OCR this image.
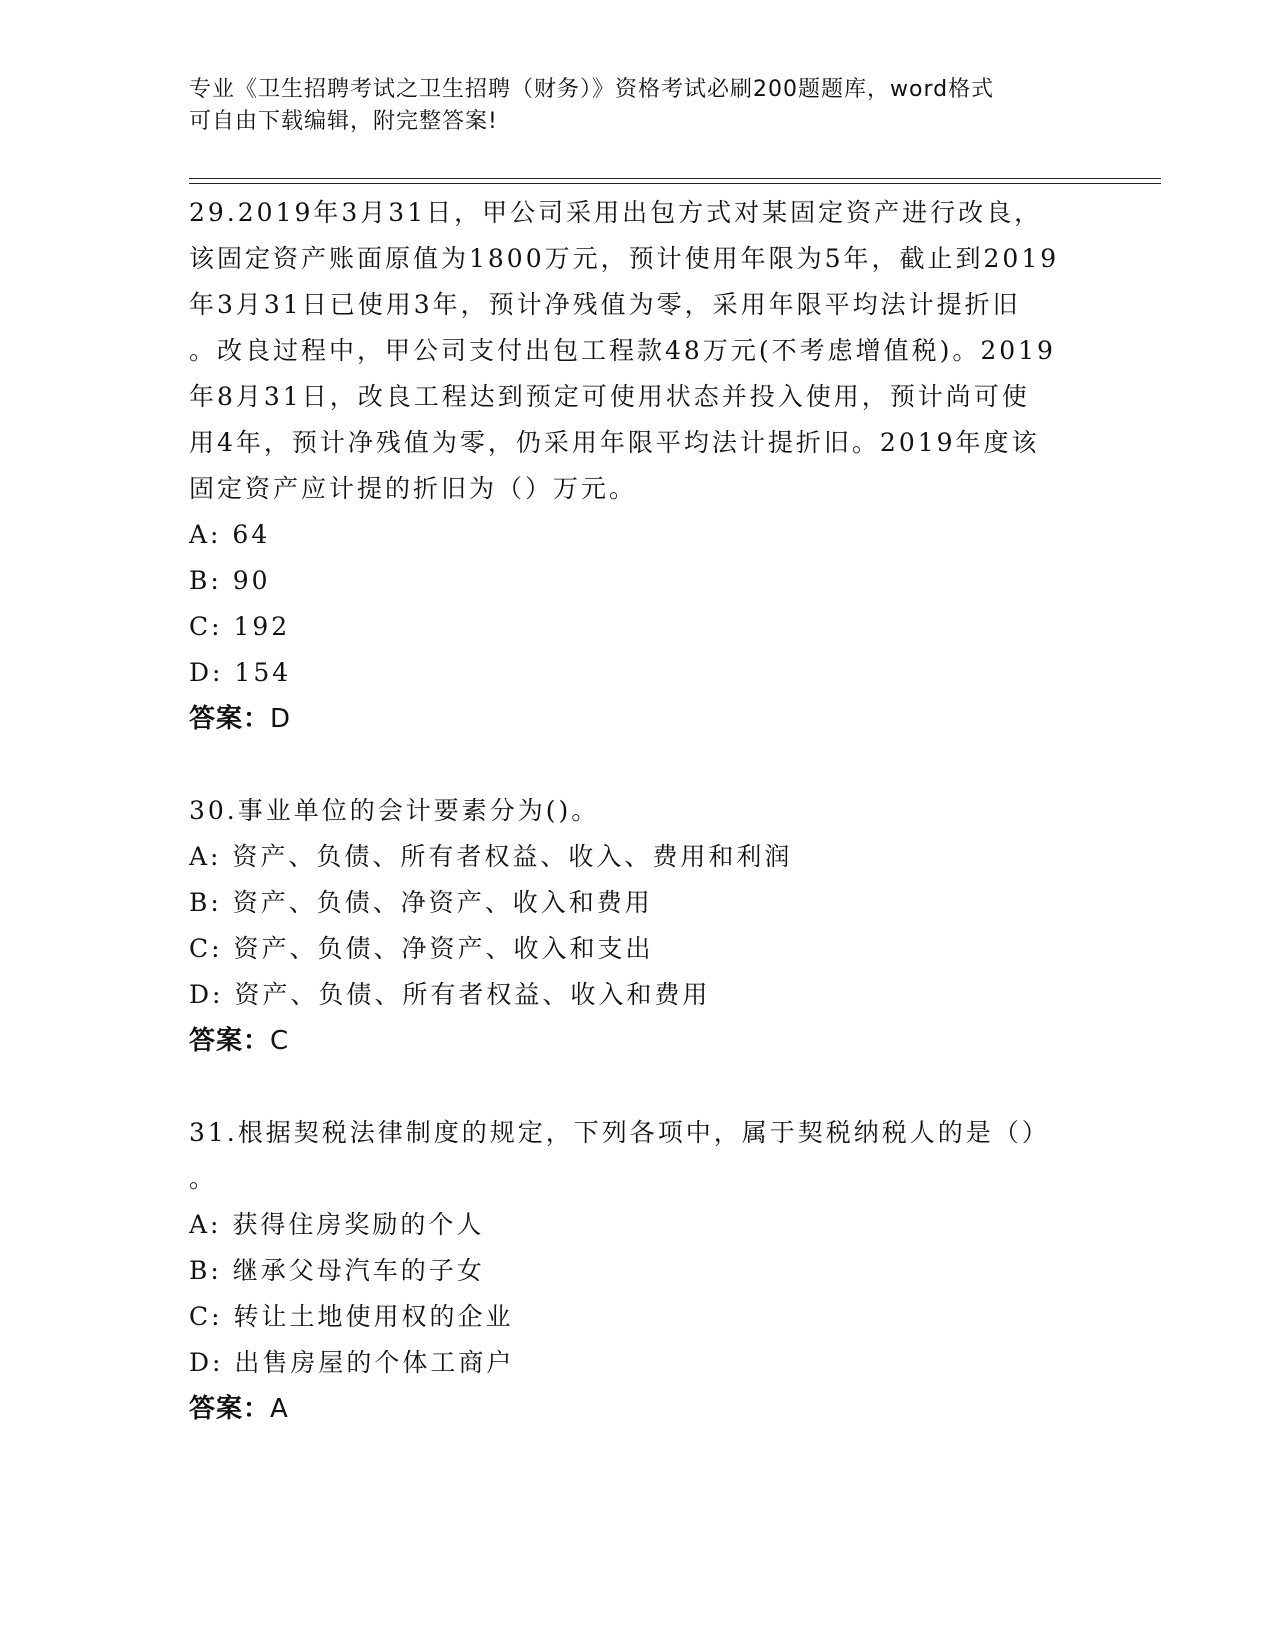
专业《卫生招聘考试之卫生招聘（财务）》资格考试必刷200题题库，word格式
可自由下载编辑，附完整答案!
29.2019年3月31日，甲公司采用出包方式对某固定资产进行改良，
该固定资产账面原值为1800万元，预计使用年限为5年，截止到2019
年3月31日已使用3年，预计净残值为零，采用年限平均法计提折旧
。改良过程中，甲公司支付出包工程款48万元(不考虑增值税)。2019
年8月31日，改良工程达到预定可使用状态并投入使用，预计尚可使
用4年，预计净残值为零，仍采用年限平均法计提折旧。2019年度该
固定资产应计提的折旧为（）万元。
A: 64
B: 90
C: 192
D: 154
答案：D
30.事业单位的会计要素分为()。
A: 资产、负债、所有者权益、收入、费用和利润
B: 资产、负债、净资产、收入和费用
C: 资产、负债、净资产、收入和支出
D: 资产、负债、所有者权益、收入和费用
答案：C
31.根据契税法律制度的规定，下列各项中，属于契税纳税人的是（）
。
A: 获得住房奖励的个人
B: 继承父母汽车的子女
C: 转让土地使用权的企业
D: 出售房屋的个体工商户
答案：A
